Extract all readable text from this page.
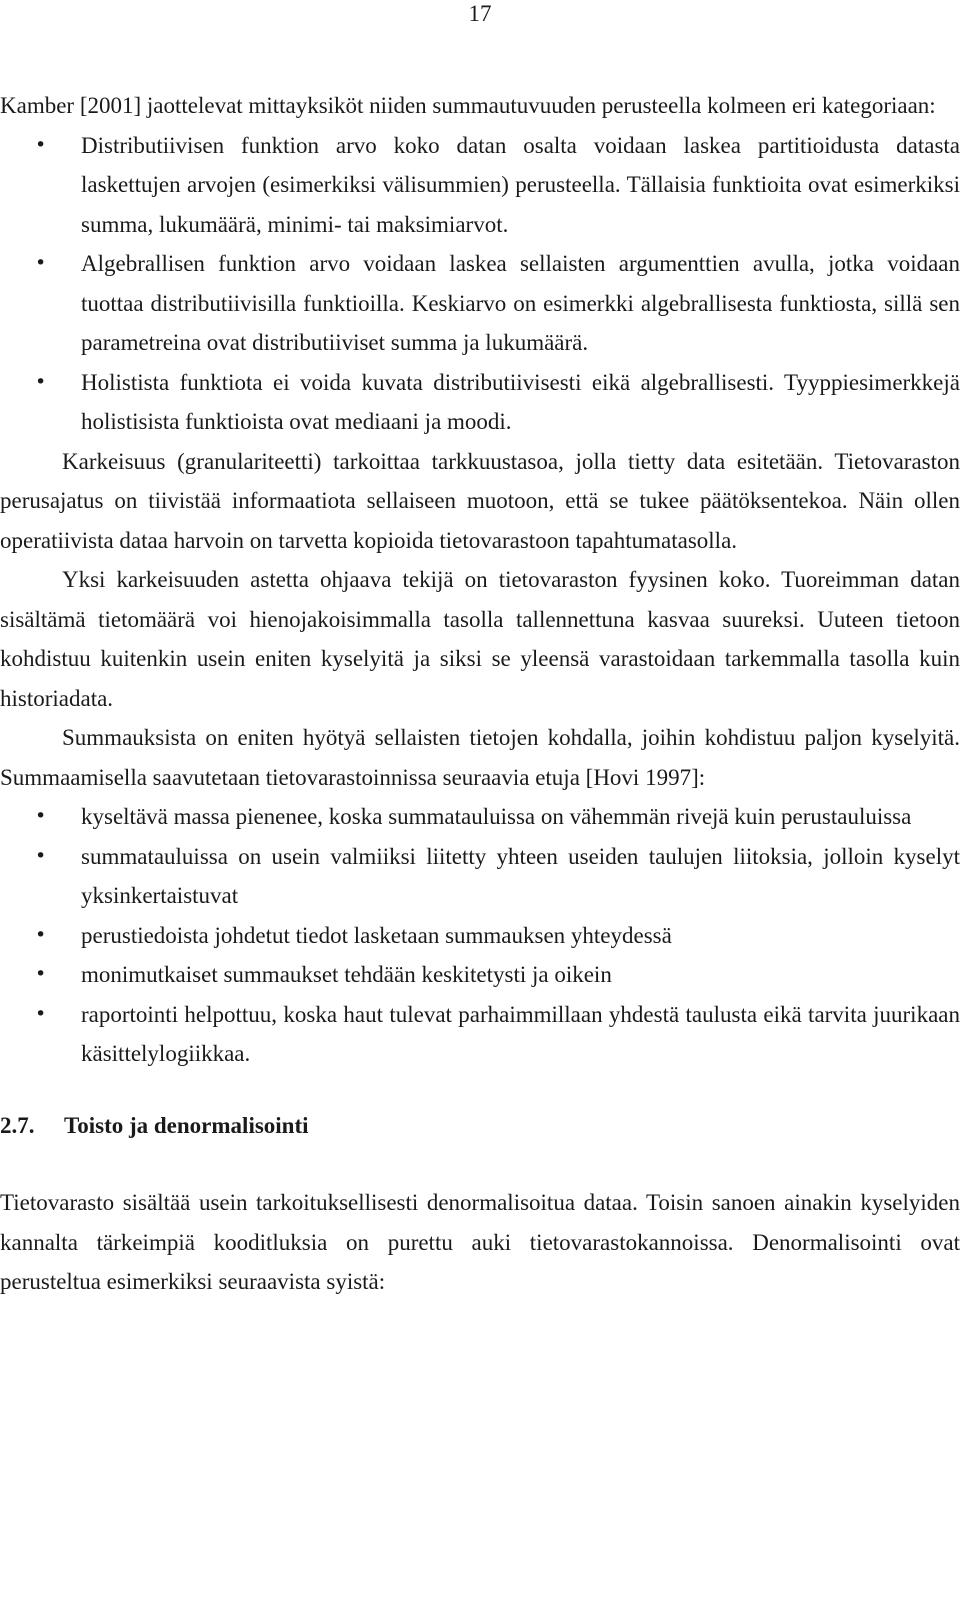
17

Kamber [2001] jaottelevat mittayksiköt niiden summautuvuuden perusteella kolmeen eri kategoriaan:

• Distributiivisen funktion arvo koko datan osalta voidaan laskea partitioidusta datasta laskettujen arvojen (esimerkiksi välisummien) perusteella. Tällaisia funktioita ovat esimerkiksi summa, lukumäärä, minimi- tai maksimiarvot.
• Algebrallisen funktion arvo voidaan laskea sellaisten argumenttien avulla, jotka voidaan tuottaa distributiivisilla funktioilla. Keskiarvo on esimerkki algebrallisesta funktiosta, sillä sen parametreina ovat distributiiviset summa ja lukumäärä.
• Holistista funktiota ei voida kuvata distributiivisesti eikä algebrallisesti. Tyyppiesimerkkejä holistisista funktioista ovat mediaani ja moodi.

Karkeisuus (granulariteetti) tarkoittaa tarkkuustasoa, jolla tietty data esitetään. Tietovaraston perusajatus on tiivistää informaatiota sellaiseen muotoon, että se tukee päätöksentekoa. Näin ollen operatiivista dataa harvoin on tarvetta kopioida tietovarastoon tapahtumatasolla.

Yksi karkeisuuden astetta ohjaava tekijä on tietovaraston fyysinen koko. Tuoreimman datan sisältämä tietomäärä voi hienojakoisimmalla tasolla tallennettuna kasvaa suureksi. Uuteen tietoon kohdistuu kuitenkin usein eniten kyselyitä ja siksi se yleensä varastoidaan tarkemmalla tasolla kuin historiadata.

Summauksista on eniten hyötyä sellaisten tietojen kohdalla, joihin kohdistuu paljon kyselyitä. Summaamisella saavutetaan tietovarastoinnissa seuraavia etuja [Hovi 1997]:

• kyseltävä massa pienenee, koska summatauluissa on vähemmän rivejä kuin perustauluissa
• summatauluissa on usein valmiiksi liitetty yhteen useiden taulujen liitoksia, jolloin kyselyt yksinkertaistuvat
• perustiedoista johdetut tiedot lasketaan summauksen yhteydessä
• monimutkaiset summaukset tehdään keskitetysti ja oikein
• raportointi helpottuu, koska haut tulevat parhaimmillaan yhdestä taulusta eikä tarvita juurikaan käsittelylogiikkaa.
2.7.	Toisto ja denormalisointi

Tietovarasto sisältää usein tarkoituksellisesti denormalisoitua dataa. Toisin sanoen ainakin kyselyiden kannalta tärkeimpiä kooditluksia on purettu auki tietovarastokannoissa. Denormalisointi ovat perusteltua esimerkiksi seuraavista syistä:
